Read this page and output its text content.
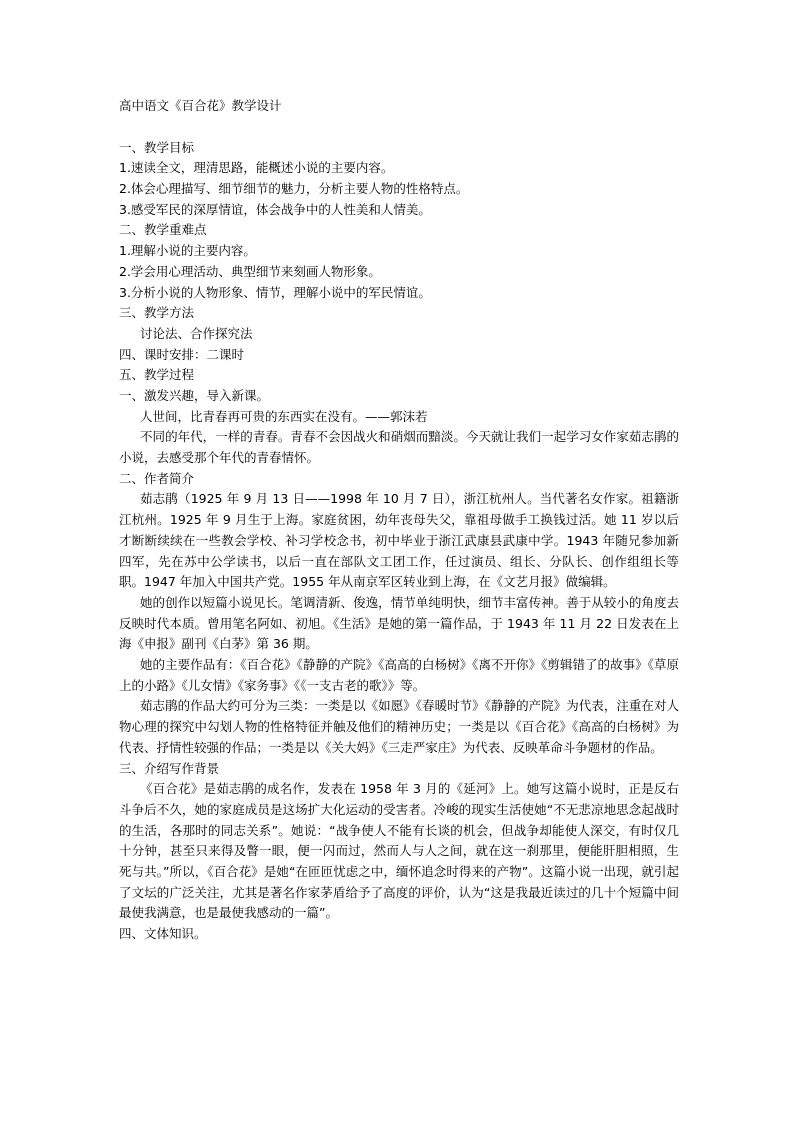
高中语文《百合花》教学设计
一、教学目标
1.速读全文，理清思路，能概述小说的主要内容。
2.体会心理描写、细节细节的魅力，分析主要人物的性格特点。
3.感受军民的深厚情谊，体会战争中的人性美和人情美。
二、教学重难点
1.理解小说的主要内容。
2.学会用心理活动、典型细节来刻画人物形象。
3.分析小说的人物形象、情节，理解小说中的军民情谊。
三、教学方法
讨论法、合作探究法
四、课时安排：二课时
五、教学过程
一、激发兴趣，导入新课。
人世间，比青春再可贵的东西实在没有。——郭沫若
不同的年代，一样的青春。青春不会因战火和硝烟而黯淡。今天就让我们一起学习女作家茹志鹃的小说，去感受那个年代的青春情怀。
二、作者简介
茹志鹃（1925 年 9 月 13 日——1998 年 10 月 7 日），浙江杭州人。当代著名女作家。祖籍浙江杭州。1925 年 9 月生于上海。家庭贫困，幼年丧母失父，靠祖母做手工换钱过活。她 11 岁以后才断断续续在一些教会学校、补习学校念书，初中毕业于浙江武康县武康中学。1943 年随兄参加新四军，先在苏中公学读书，以后一直在部队文工团工作，任过演员、组长、分队长、创作组组长等职。1947 年加入中国共产党。1955 年从南京军区转业到上海，在《文艺月报》做编辑。
她的创作以短篇小说见长。笔调清新、俊逸，情节单纯明快，细节丰富传神。善于从较小的角度去反映时代本质。曾用笔名阿如、初旭。《生活》是她的第一篇作品，于 1943 年 11 月 22 日发表在上海《申报》副刊《白茅》第 36 期。
她的主要作品有：《百合花》《静静的产院》《高高的白杨树》《离不开你》《剪辑错了的故事》《草原上的小路》《儿女情》《家务事》《《一支古老的歌》》等。
茹志鹃的作品大约可分为三类：一类是以《如愿》《春暖时节》《静静的产院》为代表，注重在对人物心理的探究中勾划人物的性格特征并触及他们的精神历史；一类是以《百合花》《高高的白杨树》为代表、抒情性较强的作品；一类是以《关大妈》《三走严家庄》为代表、反映革命斗争题材的作品。
三、介绍写作背景
《百合花》是茹志鹃的成名作，发表在 1958 年 3 月的《延河》上。她写这篇小说时，正是反右斗争后不久，她的家庭成员是这场扩大化运动的受害者。冷峻的现实生活使她“不无悲凉地思念起战时的生活，各那时的同志关系”。她说：“战争使人不能有长谈的机会，但战争却能使人深交，有时仅几十分钟，甚至只来得及瞥一眼，便一闪而过，然而人与人之间，就在这一刹那里，便能肝胆相照，生死与共。”所以，《百合花》是她“在匝匝忧虑之中，缅怀追念时得来的产物”。这篇小说一出现，就引起了文坛的广泛关注，尤其是著名作家茅盾给予了高度的评价，认为“这是我最近读过的几十个短篇中间最使我满意，也是最使我感动的一篇”。
四、文体知识。
